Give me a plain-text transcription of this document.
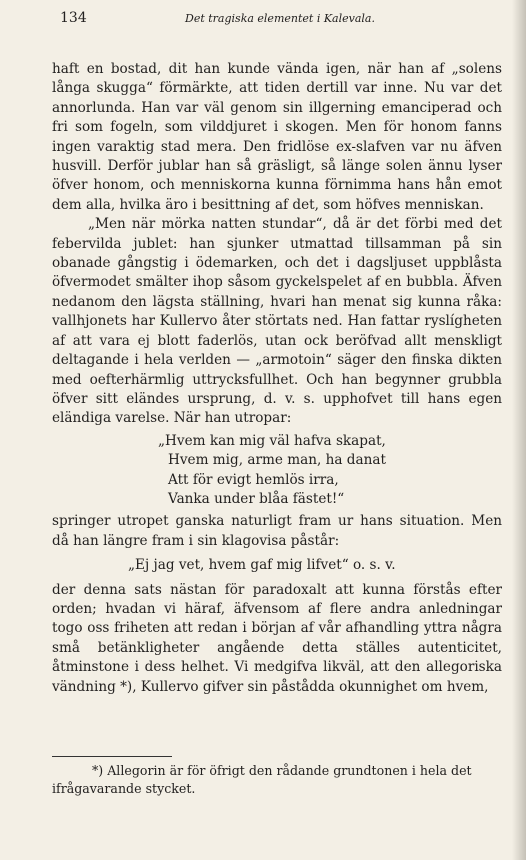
134	Det tragiska elementet i Kalevala.

haft en bostad, dit han kunde vända igen, när han af „solens långa skugga“ förmärkte, att tiden dertill var inne. Nu var det annorlunda. Han var väl genom sin illgerning emanciperad och fri som fogeln, som vilddjuret i skogen. Men för honom fanns ingen varaktig stad mera. Den fridlöse ex-slafven var nu äfven husvill. Derför jublar han så gräsligt, så länge solen ännu lyser öfver honom, och menniskorna kunna förnimma hans hån emot dem alla, hvilka äro i besittning af det, som höfves menniskan.

„Men när mörka natten stundar“, då är det förbi med det febervilda jublet: han sjunker utmattad tillsamman på sin obanade gångstig i ödemarken, och det i dagsljuset uppblåsta öfvermodet smälter ihop såsom gyckelspelet af en bubbla. Äfven nedanom den lägsta ställning, hvari han menat sig kunna råka: vallhjonets har Kullervo åter störtats ned. Han fattar ryslígheten af att vara ej blott faderlös, utan ock beröfvad allt menskligt deltagande i hela verlden — „armotoin“ säger den finska dikten med oefterhärmlig uttrycksfullhet. Och han begynner grubbla öfver sitt eländes ursprung, d. v. s. upphofvet till hans egen eländiga varelse. När han utropar:

„Hvem kan mig väl hafva skapat,
Hvem mig, arme man, ha danat
Att för evigt hemlös irra,
Vanka under blåa fästet!“

springer utropet ganska naturligt fram ur hans situation. Men då han längre fram i sin klagovisa påstår:

„Ej jag vet, hvem gaf mig lifvet“ o. s. v.

der denna sats nästan för paradoxalt att kunna förstås efter orden; hvadan vi häraf, äfvensom af flere andra anledningar togo oss friheten att redan i början af vår afhandling yttra några små betänkligheter angående detta ställes autenticitet, åtminstone i dess helhet. Vi medgifva likväl, att den allegoriska vändning *), Kullervo gifver sin påstådda okunnighet om hvem,

*) Allegorin är för öfrigt den rådande grundtonen i hela det ifrågavarande stycket.
